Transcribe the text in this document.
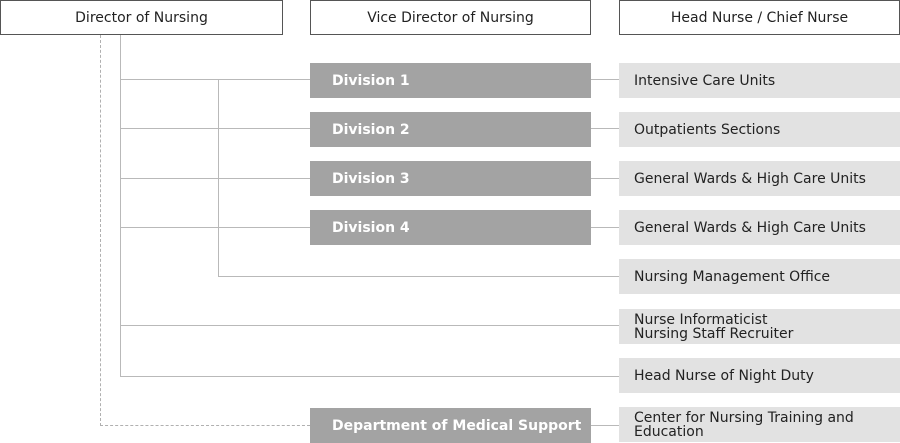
Director of Nursing	Vice Director of Nursing	Head Nurse / Chief Nurse
Division 1
Division 2
Division 3
Division 4
Department of Medical Support
Intensive Care Units
Outpatients Sections
General Wards & High Care Units
General Wards & High Care Units
Nursing Management Office
Nurse Informaticist
Nursing Staff Recruiter
Head Nurse of Night Duty
Center for Nursing Training and Education
